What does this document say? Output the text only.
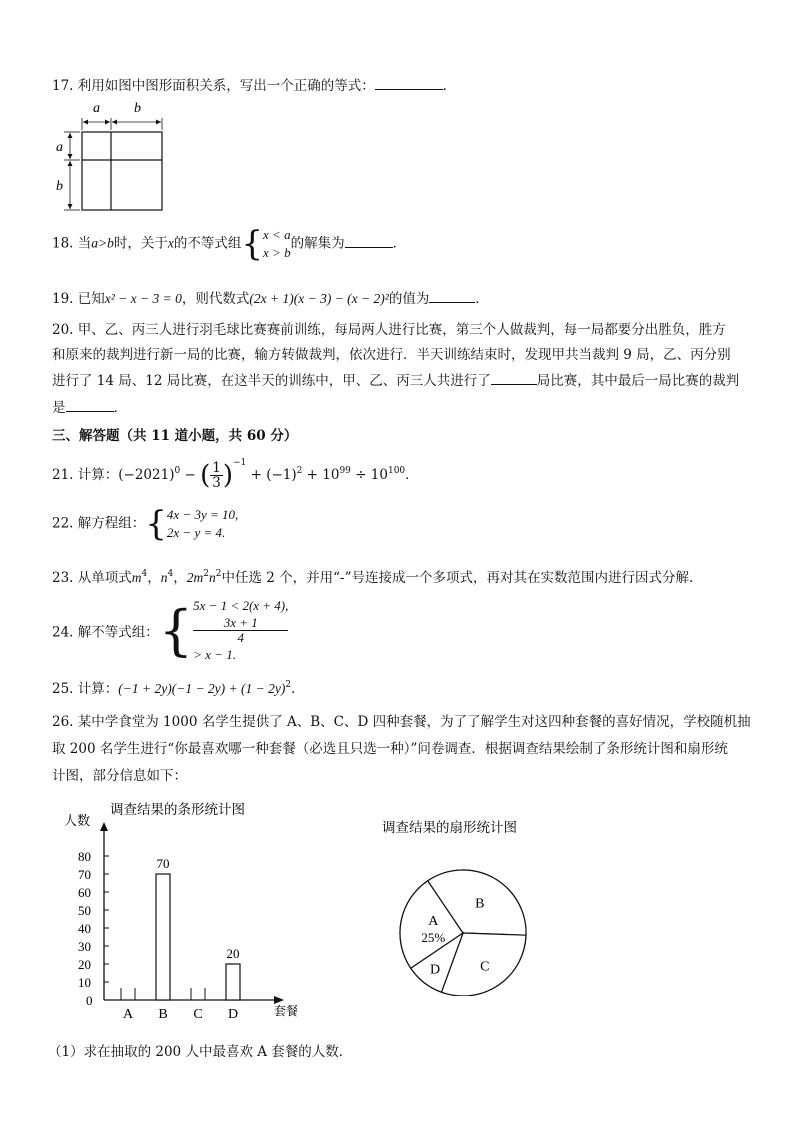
17. 利用如图中图形面积关系，写出一个正确的等式：	．
a b
a
b
18. 当a>b时，关于x的不等式组{ x < a
x > b
的解集为	．
19. 已知x² − x − 3 = 0，则代数式(2x + 1)(x − 3) − (x − 2)²的值为	．
20. 甲、乙、丙三人进行羽毛球比赛赛前训练，每局两人进行比赛，第三个人做裁判，每一局都要分出胜负，胜方
和原来的裁判进行新一局的比赛，输方转做裁判，依次进行．半天训练结束时，发现甲共当裁判 9 局，乙、丙分别
进行了 14 局、12 局比赛，在这半天的训练中，甲、乙、丙三人共进行了	局比赛，其中最后一局比赛的裁判
是	．
三、解答题（共 11 道小题，共 60 分）
21. 计算：$(-2021)^0$ − ( $\frac{1}{3} )^{-1} + (-1)^2 + 10^{99} \div 10^{100}$．
22. 解方程组：{ 4x − 3y = 10,
2x − y = 4.
23. 从单项式$m^4$，$n^4$，$2m^2n^2$中任选 2 个，并用“-”号连接成一个多项式，再对其在实数范围内进行因式分解．
24. 解不等式组：{ 5x − 1 < 2(x + 4),
3x + 1
4
> x − 1.
25. 计算：$(-1 + 2y)(-1 - 2y) + (1 - 2y)^2$．
26. 某中学食堂为 1000 名学生提供了 A、B、C、D 四种套餐，为了了解学生对这四种套餐的喜好情况，学校随机抽
取 200 名学生进行“你最喜欢哪一种套餐（必选且只选一种）”问卷调查．根据调查结果绘制了条形统计图和扇形统
计图，部分信息如下：
调查结果的条形统计图
人数
套餐
0
10
20
30
40
50
60
70
80
A
70
B C
20
D
调查结果的扇形统计图
A
25%
B
C
D
（1）求在抽取的 200 人中最喜欢 A 套餐的人数．
